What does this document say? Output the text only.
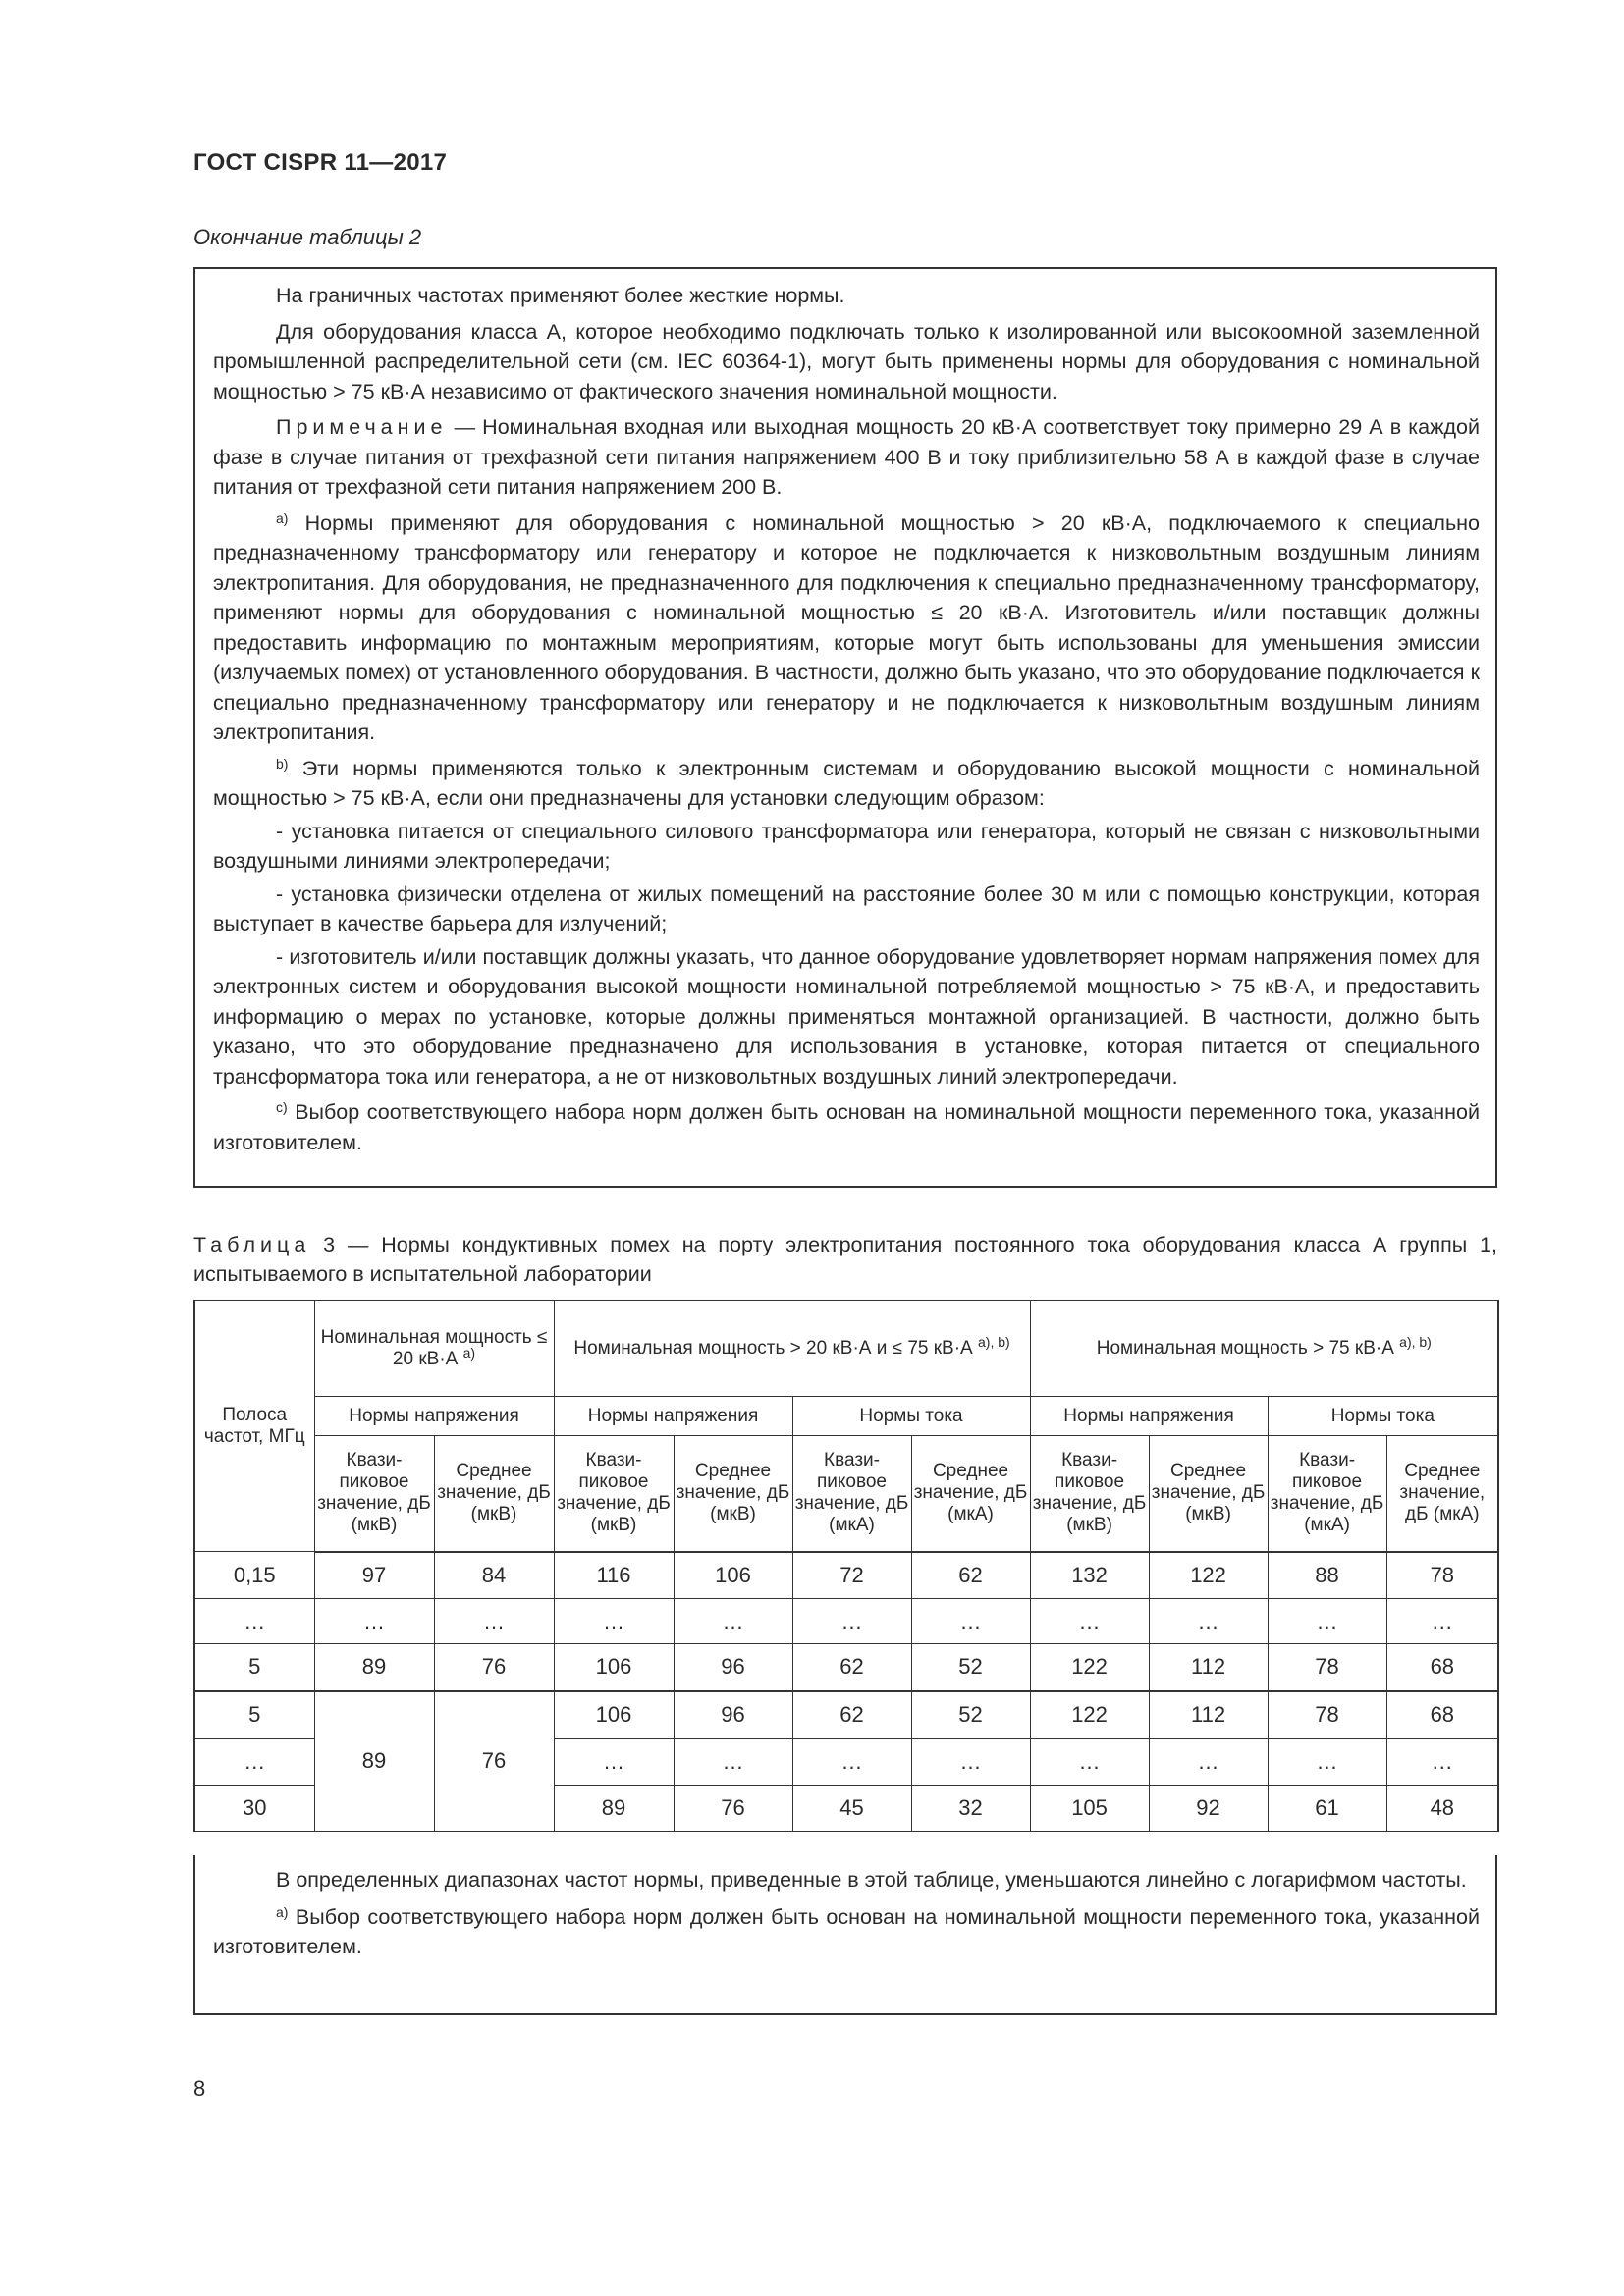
ГОСТ CISPR 11—2017
Окончание таблицы 2

На граничных частотах применяют более жесткие нормы.

Для оборудования класса А, которое необходимо подключать только к изолированной или высокоомной заземленной промышленной распределительной сети (см. IEC 60364-1), могут быть применены нормы для оборудования с номинальной мощностью > 75 кВ·А независимо от фактического значения номинальной мощности.

Примечание — Номинальная входная или выходная мощность 20 кВ·А соответствует току примерно 29 А в каждой фазе в случае питания от трехфазной сети питания напряжением 400 В и току приблизительно 58 А в каждой фазе в случае питания от трехфазной сети питания напряжением 200 В.

$^{a)}$ Нормы применяют для оборудования с номинальной мощностью > 20 кВ·А, подключаемого к специально предназначенному трансформатору или генератору и которое не подключается к низковольтным воздушным линиям электропитания. Для оборудования, не предназначенного для подключения к специально предназначенному трансформатору, применяют нормы для оборудования с номинальной мощностью ≤ 20 кВ·А. Изготовитель и/или поставщик должны предоставить информацию по монтажным мероприятиям, которые могут быть использованы для уменьшения эмиссии (излучаемых помех) от установленного оборудования. В частности, должно быть указано, что это оборудование подключается к специально предназначенному трансформатору или генератору и не подключается к низковольтным воздушным линиям электропитания.

$^{b)}$ Эти нормы применяются только к электронным системам и оборудованию высокой мощности с номинальной мощностью > 75 кВ·А, если они предназначены для установки следующим образом:

- установка питается от специального силового трансформатора или генератора, который не связан с низковольтными воздушными линиями электропередачи;

- установка физически отделена от жилых помещений на расстояние более 30 м или с помощью конструкции, которая выступает в качестве барьера для излучений;

- изготовитель и/или поставщик должны указать, что данное оборудование удовлетворяет нормам напряжения помех для электронных систем и оборудования высокой мощности номинальной потребляемой мощностью > 75 кВ·А, и предоставить информацию о мерах по установке, которые должны применяться монтажной организацией. В частности, должно быть указано, что это оборудование предназначено для использования в установке, которая питается от специального трансформатора тока или генератора, а не от низковольтных воздушных линий электропередачи.

$^{c)}$ Выбор соответствующего набора норм должен быть основан на номинальной мощности переменного тока, указанной изготовителем.

Таблица 3 — Нормы кондуктивных помех на порту электропитания постоянного тока оборудования класса А группы 1, испытываемого в испытательной лаборатории
Полоса частот, МГц	Номинальная мощность ≤ 20 кВ·А $^{a)}$		Номинальная мощность > 20 кВ·А и ≤ 75 кВ·А $^{a), b)}$				Номинальная мощность > 75 кВ·А $^{a), b)}$
	Нормы напряжения		Нормы напряжения		Нормы тока		Нормы напряжения		Нормы тока	
	Квази-пиковое значение, дБ (мкВ)	Среднее значение, дБ (мкВ)	Квази-пиковое значение, дБ (мкВ)	Среднее значение, дБ (мкВ)	Квази-пиковое значение, дБ (мкА)	Среднее значение, дБ (мкА)	Квази-пиковое значение, дБ (мкВ)	Среднее значение, дБ (мкВ)	Квази-пиковое значение, дБ (мкА)	Среднее значение, дБ (мкА)
0,15	97	84	116	106	72	62	132	122	88	78
…	…	…	…	…	…	…	…	…	…	…
5	89	76	106	96	62	52	122	112	78	68
5	89	76	106	96	62	52	122	112	78	68
…			…	…	…	…	…	…	…	…
30			89	76	45	32	105	92	61	48

В определенных диапазонах частот нормы, приведенные в этой таблице, уменьшаются линейно с логарифмом частоты.

$^{a)}$ Выбор соответствующего набора норм должен быть основан на номинальной мощности переменного тока, указанной изготовителем.

8
